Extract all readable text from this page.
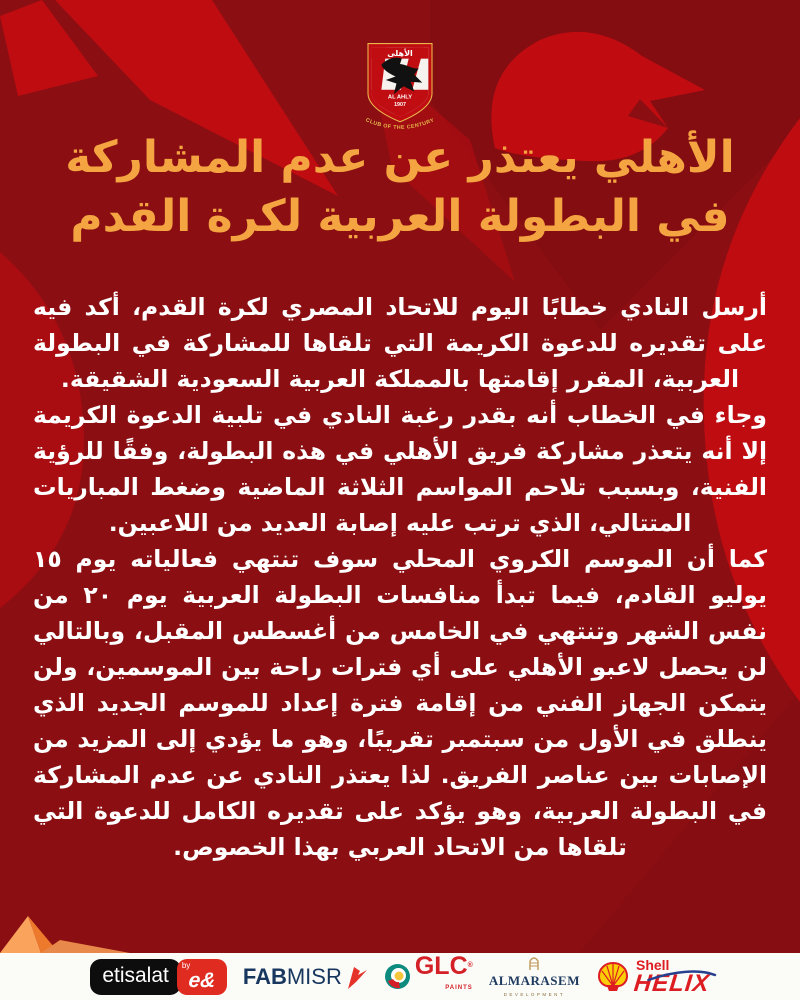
الأهلى
AL AHLY
1907
CLUB OF THE CENTURY
الأهلي يعتذر عن عدم المشاركة
في البطولة العربية لكرة القدم

أرسل النادي خطابًا اليوم للاتحاد المصري لكرة القدم، أكد فيه على تقديره للدعوة الكريمة التي تلقاها للمشاركة في البطولة العربية، المقرر إقامتها بالمملكة العربية السعودية الشقيقة.

وجاء في الخطاب أنه بقدر رغبة النادي في تلبية الدعوة الكريمة إلا أنه يتعذر مشاركة فريق الأهلي في هذه البطولة، وفقًا للرؤية الفنية، وبسبب تلاحم المواسم الثلاثة الماضية وضغط المباريات المتتالي، الذي ترتب عليه إصابة العديد من اللاعبين.

كما أن الموسم الكروي المحلي سوف تنتهي فعالياته يوم ١٥ يوليو القادم، فيما تبدأ منافسات البطولة العربية يوم ٢٠ من نفس الشهر وتنتهي في الخامس من أغسطس المقبل، وبالتالي لن يحصل لاعبو الأهلي على أي فترات راحة بين الموسمين، ولن يتمكن الجهاز الفني من إقامة فترة إعداد للموسم الجديد الذي ينطلق في الأول من سبتمبر تقريبًا، وهو ما يؤدي إلى المزيد من الإصابات بين عناصر الفريق. لذا يعتذر النادي عن عدم المشاركة في البطولة العربية، وهو يؤكد على تقديره الكامل للدعوة التي تلقاها من الاتحاد العربي بهذا الخصوص.

etisalat	by
e& FABMISR	GLC®
PAINTS ALMARASEM
DEVELOPMENT
Shell
HELIX
